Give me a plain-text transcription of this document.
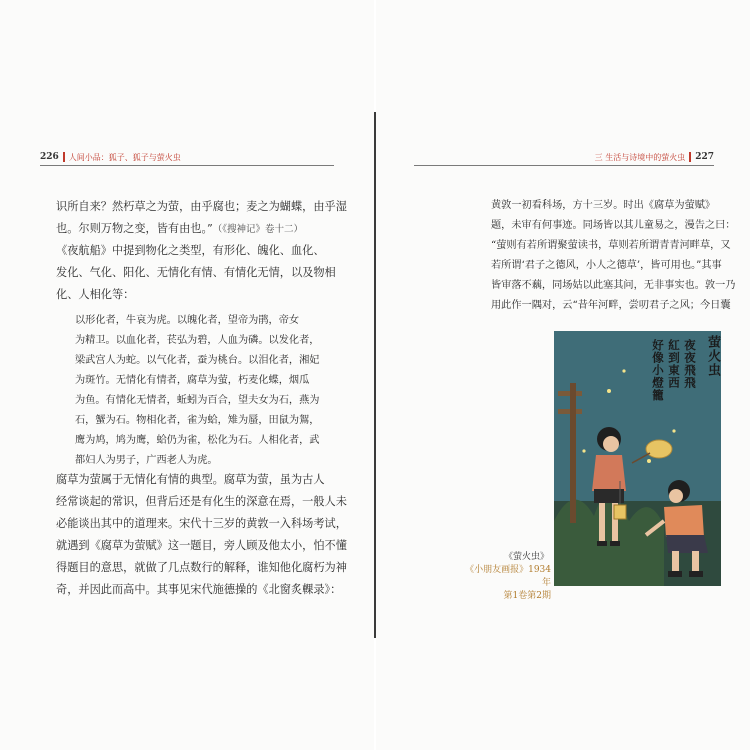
226 人间小品：狐子、狐子与萤火虫
识所自来？然朽草之为萤，由乎腐也；麦之为蝴蝶，由乎湿
也。尔则万物之变，皆有由也。”（《搜神记》卷十二）
《夜航船》中提到物化之类型，有形化、魄化、血化、
发化、气化、阳化、无情化有情、有情化无情，以及物相
化、人相化等：
以形化者，牛哀为虎。以魄化者，望帝为鹃，帝女
为精卫。以血化者，苌弘为碧，人血为磷。以发化者，
梁武宫人为蛇。以气化者，蚕为桃台。以泪化者，湘妃
为斑竹。无情化有情者，腐草为萤，朽麦化蝶，烟瓜
为鱼。有情化无情者，蚯蚓为百合，望夫女为石，燕为
石，蟹为石。物相化者，雀为蛤，雉为蜃，田鼠为鴽，
鹰为鸠，鸠为鹰，蛤仍为雀，松化为石。人相化者，武
都妇人为男子，广西老人为虎。
腐草为萤属于无情化有情的典型。腐草为萤，虽为古人
经常谈起的常识，但背后还是有化生的深意在焉，一般人未
必能谈出其中的道理来。宋代十三岁的黄敦一入科场考试，
就遇到《腐草为萤赋》这一题目，旁人顾及他太小，怕不懂
得题目的意思，就做了几点数行的解释，谁知他化腐朽为神
奇，并因此而高中。其事见宋代施德操的《北窗炙輠录》：
三 生活与诗境中的萤火虫 227
黄敦一初看科场，方十三岁。时出《腐草为萤赋》
题，未审有何事迹。同场皆以其儿童易之，漫告之曰：
“萤则有若所谓聚萤读书，草则若所谓青青河畔草，又
若所谓‘君子之德风，小人之德草’，皆可用也。”其事
皆审落不藕，同场姑以此塞其问，无非事实也。敦一乃
用此作一隅对，云“昔年河畔，尝叨君子之风；今日囊
萤火虫
夜夜飛飛
紅到東西
好像小燈籠
《萤火虫》
《小朋友画报》1934年
第1卷第2期
